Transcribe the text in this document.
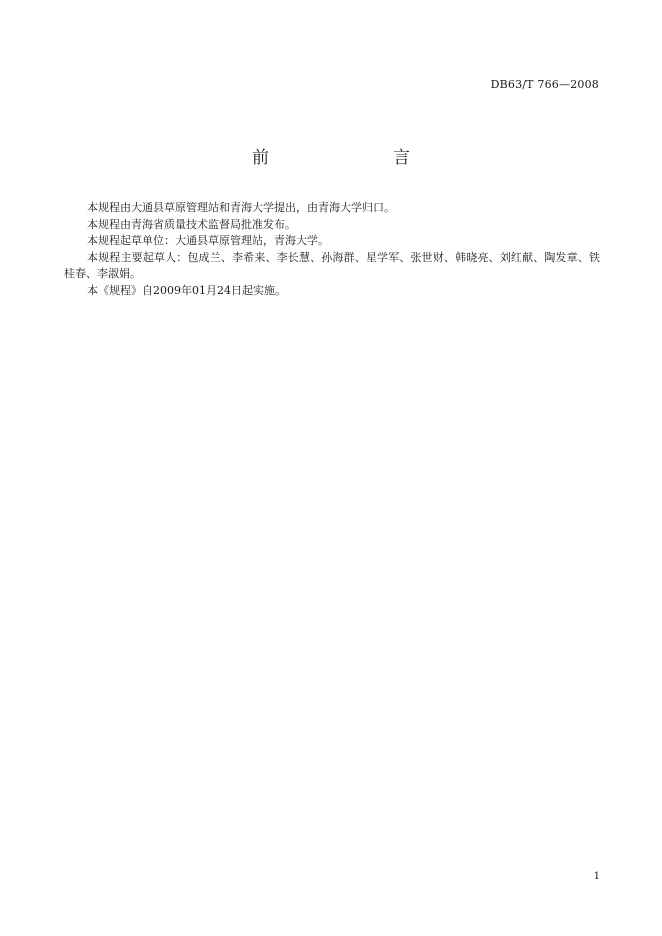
DB63/T 766—2008
前　　言

本规程由大通县草原管理站和青海大学提出，由青海大学归口。

本规程由青海省质量技术监督局批准发布。

本规程起草单位：大通县草原管理站，青海大学。

本规程主要起草人：包成兰、李希来、李长慧、孙海群、星学军、张世财、韩晓亮、刘红献、陶发章、铁桂春、李淑娟。

本《规程》自2009年01月24日起实施。

1
